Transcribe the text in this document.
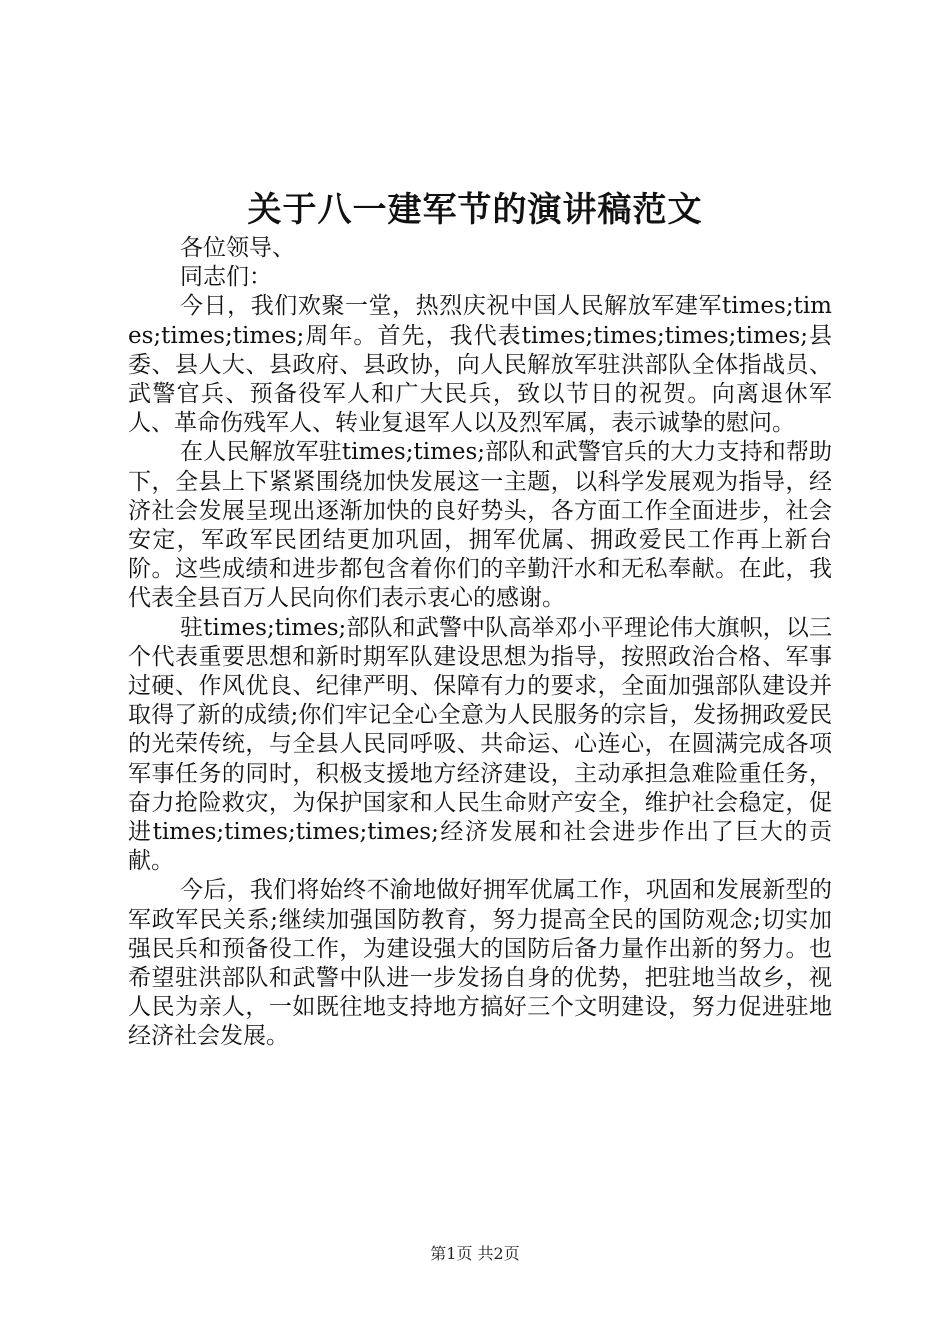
关于八一建军节的演讲稿范文

各位领导、

同志们：

今日，我们欢聚一堂，热烈庆祝中国人民解放军建军times;times;times;times;周年。首先，我代表times;times;times;times;县委、县人大、县政府、县政协，向人民解放军驻洪部队全体指战员、武警官兵、预备役军人和广大民兵，致以节日的祝贺。向离退休军人、革命伤残军人、转业复退军人以及烈军属，表示诚挚的慰问。

在人民解放军驻times;times;部队和武警官兵的大力支持和帮助下，全县上下紧紧围绕加快发展这一主题，以科学发展观为指导，经济社会发展呈现出逐渐加快的良好势头，各方面工作全面进步，社会安定，军政军民团结更加巩固，拥军优属、拥政爱民工作再上新台阶。这些成绩和进步都包含着你们的辛勤汗水和无私奉献。在此，我代表全县百万人民向你们表示衷心的感谢。

驻times;times;部队和武警中队高举邓小平理论伟大旗帜，以三个代表重要思想和新时期军队建设思想为指导，按照政治合格、军事过硬、作风优良、纪律严明、保障有力的要求，全面加强部队建设并取得了新的成绩;你们牢记全心全意为人民服务的宗旨，发扬拥政爱民的光荣传统，与全县人民同呼吸、共命运、心连心，在圆满完成各项军事任务的同时，积极支援地方经济建设，主动承担急难险重任务，奋力抢险救灾，为保护国家和人民生命财产安全，维护社会稳定，促进times;times;times;times;经济发展和社会进步作出了巨大的贡献。

今后，我们将始终不渝地做好拥军优属工作，巩固和发展新型的军政军民关系;继续加强国防教育，努力提高全民的国防观念;切实加强民兵和预备役工作，为建设强大的国防后备力量作出新的努力。也希望驻洪部队和武警中队进一步发扬自身的优势，把驻地当故乡，视人民为亲人，一如既往地支持地方搞好三个文明建设，努力促进驻地经济社会发展。

第1页 共2页
